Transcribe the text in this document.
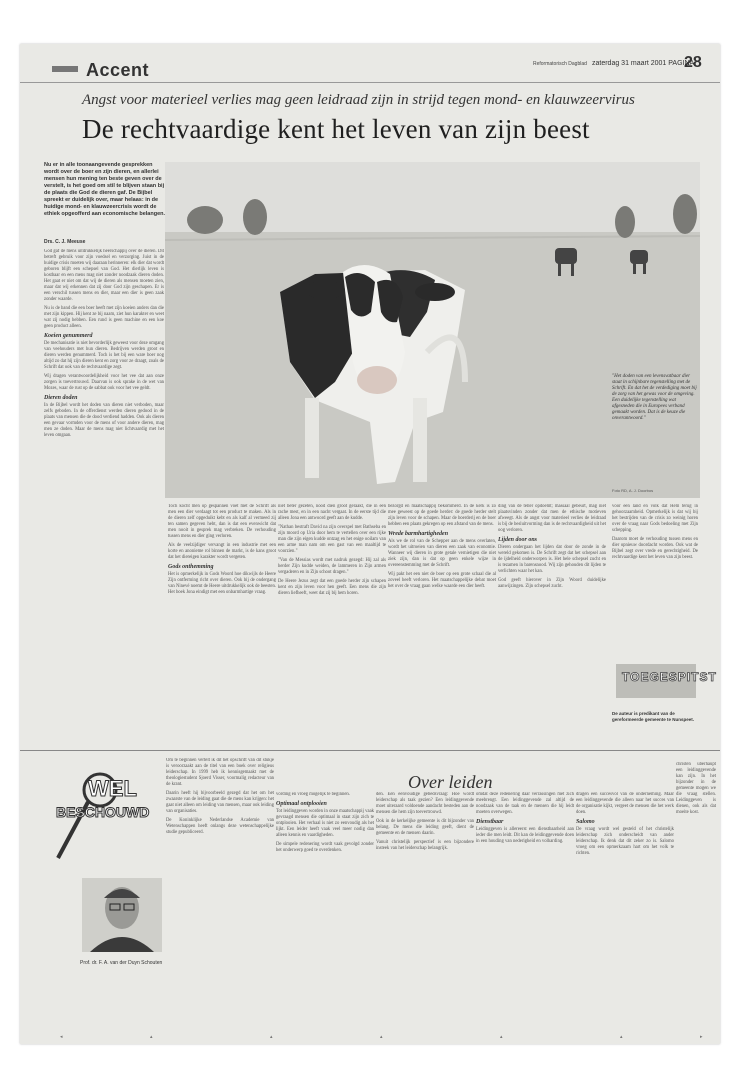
Accent	Reformatorisch Dagblad zaterdag 31 maart 2001 PAGINA
28
Angst voor materieel verlies mag geen leidraad zijn in strijd tegen mond- en klauwzeervirus
De rechtvaardige kent het leven van zijn beest
Nu er in alle toonaangevende gesprekken wordt over de boer en zijn dieren, en allerlei mensen hun mening ten beste geven over de verstelt, is het goed om stil te blijven staan bij de plaats die God de dieren gaf. De Bijbel spreekt er duidelijk over, maar helaas: in de huidige mond- en klauwzeercrisis wordt de ethiek opgeofferd aan economische belangen.
Drs. C. J. Meeuse

God gaf de mens uitdrukkelijk heerschappij over de dieren. Dit betreft gebruik voor zijn voedsel en verzorging. Juist in de huidige crisis moeten wij daaraan herinneren: elk dier dat wordt geboren blijft een schepsel van God. Het dierlijk leven is kostbaar en een mens mag niet zonder noodzaak dieren doden. Het gaat er niet om dat wij de dieren als mensen moeten zien, maar dat wij erkennen dat zij door God zijn geschapen. Er is een verschil tussen mens en dier, maar een dier is geen zaak zonder waarde.

Nu is de band die een boer heeft met zijn koeien anders dan die met zijn kippen. Hij kent ze bij naam, ziet hun karakter en weet wat zij nodig hebben. Een rund is geen machine en een koe geen product alleen.

Koeien genummerd

De mechanisatie is niet bevorderlijk geweest voor deze omgang van veehouders met hun dieren. Bedrijven werden groot en dieren werden genummerd. Toch is het bij een ware boer nog altijd zo dat hij zijn dieren kent en zorg voor ze draagt, zoals de Schrift dat ook van de rechtvaardige zegt.

Wij dragen verantwoordelijkheid voor het vee dat aan onze zorgen is toevertrouwd. Daarvan is ook sprake in de wet van Mozes, waar de rust op de sabbat ook voor het vee geldt.

Dieren doden

In de Bijbel wordt het doden van dieren niet verboden, maar zelfs geboden. In de offerdienst werden dieren gedood in de plaats van mensen die de dood verdiend hadden. Ook als dieren een gevaar vormden voor de mens of voor andere dieren, mag men ze doden. Maar de mens mag niet lichtvaardig met het leven omgaan.

"Het doden van een levensvatbaar dier staat in schijnbare tegenstelling met de Schrift. En dat het de verdediging moet bij de zorg van het gewas voor de omgeving. Een duidelijke tegenstelling wat afgesneden die in Europees verband gemaakt worden. Dat is de keuze die onverantwoord."
Foto RD, A. J. Doorbos

Toch kocht men op gespannen voet met de Schrift als men een dier verdaagt tot een product te maken. Als in de dieren zelf opgeduikt kebt en als kalf al vermeed zij ten samen gegeven hebt, dan is dat een evenwicht dat men nooit in gesprek mag verbreken. De verhouding tussen mens en dier ging verloren.

Als de veelzijdiger vervangt in een industrie met een korte en anonieme rol binnen de markt, is de kans groot dat het diereigen karakter wordt vergeten.

Gods onthemming

Het is opmerkelijk in Gods Woord hoe dikwijls de Heere Zijn ontferming richt over dieren. Ook bij de ondergang van Ninevé noemt de Heere uitdrukkelijk ook de beesten. Het boek Jona eindigt met een onbarmhartige vraag.

niet beter gezeten, nood dien groot geraakt, die in een rache mest, en in een nacht vergaat. In de eerste tijd die alleen Jona een antwoord geeft aan de kudde.

"Nathan bestraft David na zijn overspel met Bathseba en zijn moord op Uria door hem te vertellen over een rijke man die zijn eigen kudde ontzag en het enige ooilam van een arme man nam om een gast van een maaltijd te voorzien."

"Van de Messias wordt met nadruk gezegd: Hij zal als herder Zijn kudde weiden, de lammeren in Zijn armen vergaderen en in Zijn schoot dragen."

De Heere Jezus zegt dat een goede herder zijn schapen kent en zijn leven voor hen geeft. Een mens die zijn dieren liefheeft, weet dat zij bij hem horen.

bezorgd en maatschappij bekommerd. In de kerk is zo mee geweest op de goede herder: de goede herder stelt zijn leven voor de schapen. Maar de boerderij en de boer hebben een plaats gekregen op een afstand van de mens.

Wrede barmhartigheden

Als we de rol van de Schepper aan de mens overlaten, wordt het uitroeien van dieren een zaak van economie. Wanneer wij dieren in grote getale vernietigen die niet ziek zijn, dan is dat op geen enkele wijze in overeenstemming met de Schrift.

Wij pakt het een niet de boer op een grote schaal die al zoveel heeft verloren. Het maatschappelijke debat moet het over de vraag gaan welke waarde een dier heeft.

ding van de teller opdoemt; massaal gebeurt, mag niet plaatsvinden zonder dat men de ethische motieven afweegt. Als de angst voor materieel verlies de leidraad is bij de besluitvorming dan is de rechtvaardigheid uit het oog verloren.

Lijden door ons

Dieren ondergaan het lijden dat door de zonde in de wereld gekomen is. De Schrift zegt dat het schepsel aan de ijdelheid onderworpen is. Het hele schepsel zucht en is tezamen in barensnood. Wij zijn gehouden dit lijden te verlichten waar het kan.

God geeft hierover in Zijn Woord duidelijke aanwijzingen. Zijn schepsel zucht.

voor een land en volk dat Hem terug in gehoorzaamheid. Opmerkelijk is dat wij bij het bestrijden van de crisis zo weinig horen over de vraag naar Gods bedoeling met Zijn schepping.

Daarom moet de verhouding tussen mens en dier opnieuw doordacht worden. Ook wat de Bijbel zegt over vrede en gerechtigheid. De rechtvaardige kent het leven van zijn beest.

De auteur is predikant van de gereformeerde gemeente te Nunspeet.
TOEGESPITST
WEL
BESCHOUWD
Prof. dr. F. A. van der Duyn Schouten
Over leiden

Om te beginnen vertelt ik dit het opschrift van dit stukje is veroorzaakt aan de titel van een boek over religieus leiderschap. In 1999 heb ik kennisgemaakt met de theologiestudent Sjoerd Visser, voormalig redacteur van de krant.

Daarin heeft hij bijvoorbeeld gezegd dat het om het zwaarste van de leiding gaat die de mens kan krijgen: het gaat niet alleen om leiding van mensen, maar ook leiding van organisaties.

De Koninklijke Nederlandse Academie van Wetenschappen heeft onlangs deze wetenschappelijke studie gepubliceerd.

vording en vroeg mogelijk te beginnen.

Optimaal ontplooien

Tot leidinggeven worden in onze maatschappij vaak gevraagd mensen die optimaal in staat zijn zich te ontplooien. Het verhaal is niet zo eenvoudig als het lijkt. Een leider heeft vaak veel meer nodig dan alleen kennis en vaardigheden.

De simpele redenering wordt vaak gevolgd zonder het onderwerp goed te overdenken.

den. Een eenvoudige gebedsvraag: Hoe wordt leiderschap als taak gezien? Een leidinggevende moet uiteraard voldoende aandacht besteden aan de mensen die hem zijn toevertrouwd.

Ook in de kerkelijke gemeente is dit bijzonder van belang. De mens die leiding geeft, dient de gemeente en de mensen daarin.

Vanuit christelijk perspectief is een bijzondere insteek van het leiderschap belangrijk.

omdat deze redenering daar verrassingen met zich meebrengt. Een leidinggevende zal altijd de noodzaak van de taak en de mensen die hij leidt moeten overwegen.

Dienstbaar

Leidinggeven is allereerst een dienstbaarheid aan ieder die men leidt. Dit kan de leidinggevende doen in een houding van nederigheid en volharding.

dragen een succesvol van de onderneming. Maar een leidinggevende die alleen naar het succes van de organisatie kijkt, vergeet de mensen die het werk doen.

Salomo

De vraag wordt wel gesteld of het christelijk leiderschap zich onderscheidt van ander leiderschap. Ik denk dat dit zeker zo is. Salomo vroeg om een opmerkzaam hart om het volk te richten.

christen überhaupt een leidinggevende kan zijn. In het bijzonder in de gemeente mogen we die vraag stellen. Leidinggeven is dienen, ook als dat moeite kost.

◂	▴	▴	▴	▴	▴	▸
